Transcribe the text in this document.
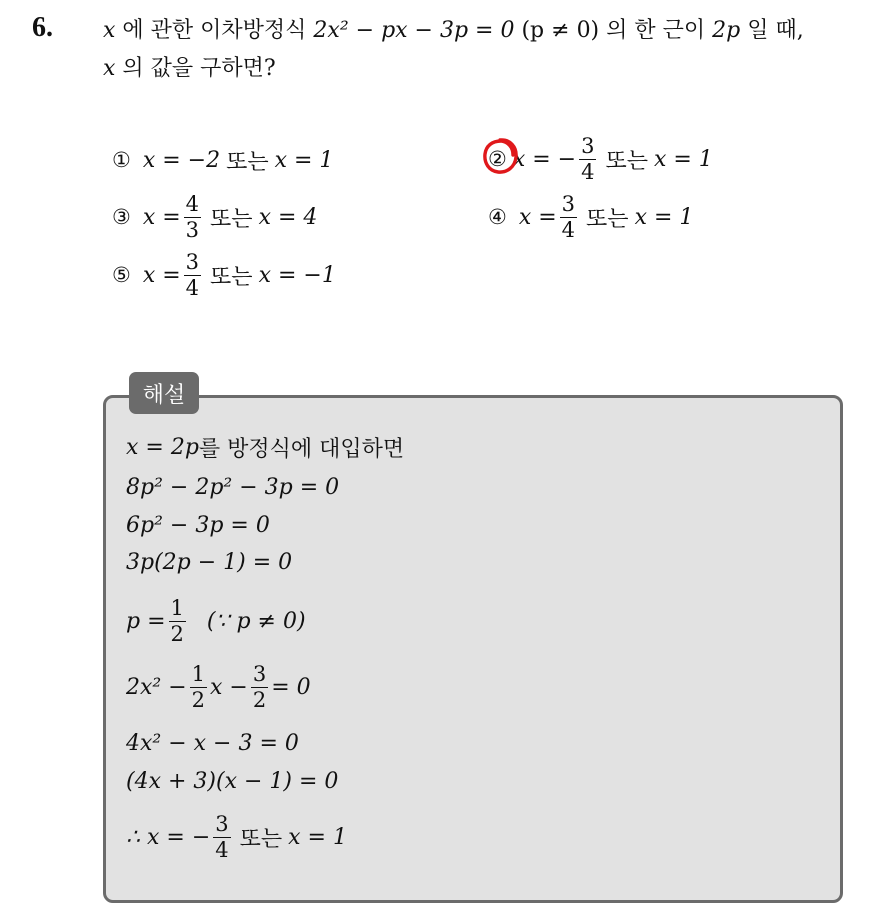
6. x 에 관한 이차방정식 2x² − px − 3p = 0 (p ≠ 0) 의 한 근이 2p 일 때,
x 의 값을 구하면?
① x = −2 또는 x = 1	② x = − $\frac{3}{4}$ 또는 x = 1
③ $x = \frac{4}{3}$ 또는 x = 4	④ $x = \frac{3}{4}$ 또는 x = 1
⑤ $x = \frac{3}{4}$ 또는 x = −1
해설
x = 2p 를 방정식에 대입하면
8p² − 2p² − 3p = 0
6p² − 3p = 0
3p(2p − 1) = 0
$p = \frac{1}{2}$ (∵ p ≠ 0)
$2x^2 - \frac{1}{2}$ $x - \frac{3}{2} = 0$
4x² − x − 3 = 0
(4x + 3)(x − 1) = 0
∴ x = − $\frac{3}{4}$ 또는 x = 1
